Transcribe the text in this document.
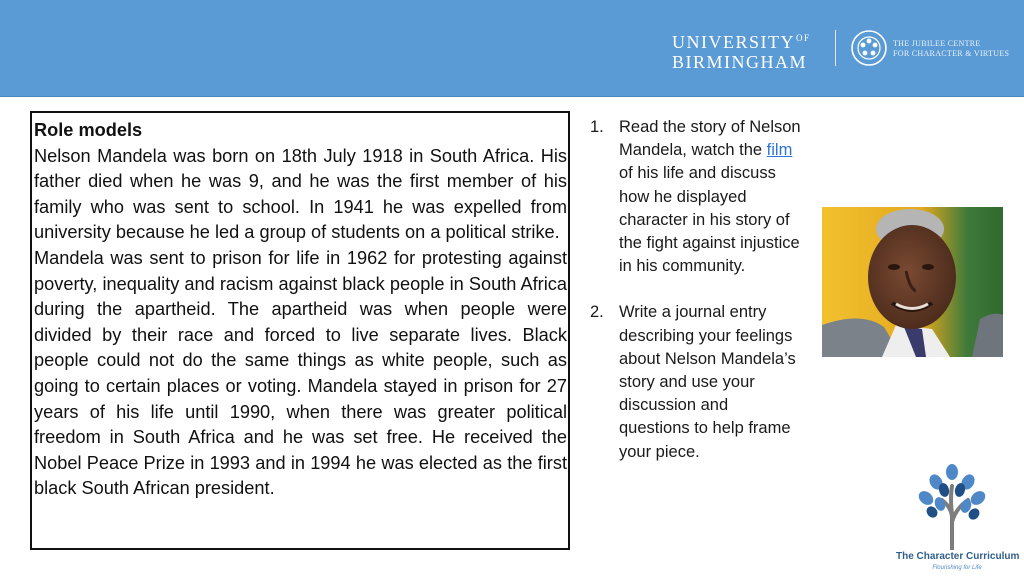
$UNIVERSITY^{OF}$
BIRMINGHAM
THE JUBILEE CENTRE
FOR CHARACTER & VIRTUES
Role models
Nelson Mandela was born on 18th July 1918 in South Africa. His father died when he was 9, and he was the first member of his family who was sent to school. In 1941 he was expelled from university because he led a group of students on a political strike.
Mandela was sent to prison for life in 1962 for protesting against poverty, inequality and racism against black people in South Africa during the apartheid. The apartheid was when people were divided by their race and forced to live separate lives. Black people could not do the same things as white people, such as going to certain places or voting. Mandela stayed in prison for 27 years of his life until 1990, when there was greater political freedom in South Africa and he was set free. He received the Nobel Peace Prize in 1993 and in 1994 he was elected as the first black South African president.
1. Read the story of Nelson Mandela, watch the film of his life and discuss how he displayed character in his story of the fight against injustice in his community.
2. Write a journal entry describing your feelings about Nelson Mandela’s story and use your discussion and questions to help frame your piece.
The Character Curriculum
Flourishing for Life
